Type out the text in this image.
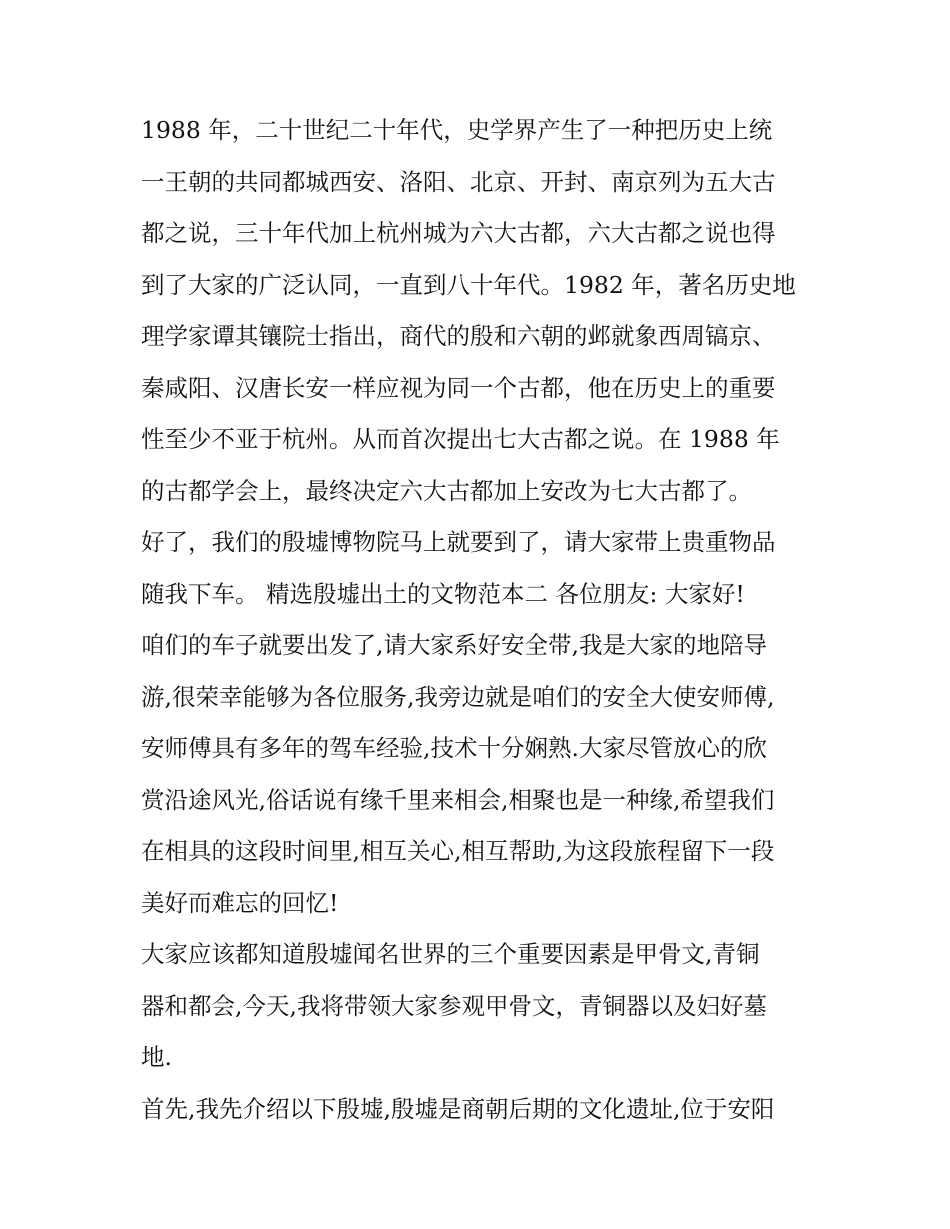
1988 年，二十世纪二十年代，史学界产生了一种把历史上统
一王朝的共同都城西安、洛阳、北京、开封、南京列为五大古
都之说，三十年代加上杭州城为六大古都，六大古都之说也得
到了大家的广泛认同，一直到八十年代。1982 年，著名历史地
理学家谭其镶院士指出，商代的殷和六朝的邺就象西周镐京、
秦咸阳、汉唐长安一样应视为同一个古都，他在历史上的重要
性至少不亚于杭州。从而首次提出七大古都之说。在 1988 年
的古都学会上，最终决定六大古都加上安改为七大古都了。
好了，我们的殷墟博物院马上就要到了，请大家带上贵重物品
随我下车。 精选殷墟出土的文物范本二 各位朋友: 大家好!
咱们的车子就要出发了,请大家系好安全带,我是大家的地陪导
游,很荣幸能够为各位服务,我旁边就是咱们的安全大使安师傅,
安师傅具有多年的驾车经验,技术十分娴熟.大家尽管放心的欣
赏沿途风光,俗话说有缘千里来相会,相聚也是一种缘,希望我们
在相具的这段时间里,相互关心,相互帮助,为这段旅程留下一段
美好而难忘的回忆!
大家应该都知道殷墟闻名世界的三个重要因素是甲骨文,青铜
器和都会,今天,我将带领大家参观甲骨文，青铜器以及妇好墓
地.
首先,我先介绍以下殷墟,殷墟是商朝后期的文化遗址,位于安阳
